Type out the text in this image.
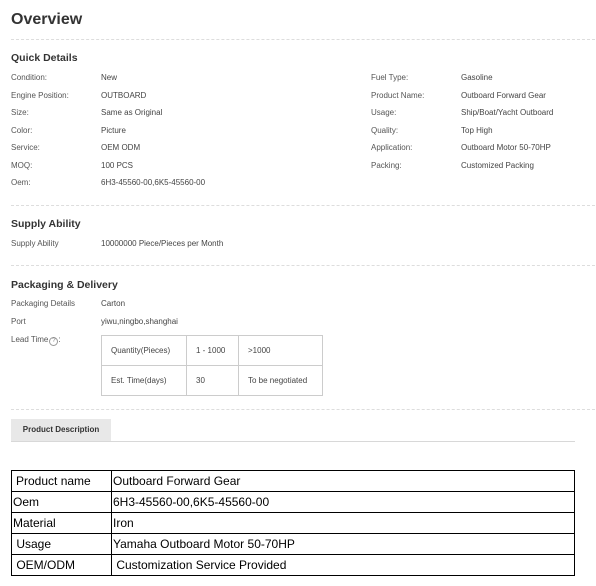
Overview
Quick Details
Condition:	New
Engine Position:	OUTBOARD
Size:	Same as Original
Color:	Picture
Service:	OEM ODM
MOQ:	100 PCS
Oem:	6H3-45560-00,6K5-45560-00
Fuel Type:	Gasoline
Product Name:	Outboard Forward Gear
Usage:	Ship/Boat/Yacht Outboard
Quality:	Top High
Application:	Outboard Motor 50-70HP
Packing:	Customized Packing
Supply Ability
Supply Ability	10000000 Piece/Pieces per Month
Packaging & Delivery
Packaging Details	Carton
Port	yiwu,ningbo,shanghai
Lead Time ? :
Quantity(Pieces)	1 - 1000	>1000
Est. Time(days)	30	To be negotiated
Product Description
Product name	Outboard Forward Gear
Oem	6H3-45560-00,6K5-45560-00
Material	Iron
Usage	Yamaha Outboard Motor 50-70HP
OEM/ODM	Customization Service Provided
